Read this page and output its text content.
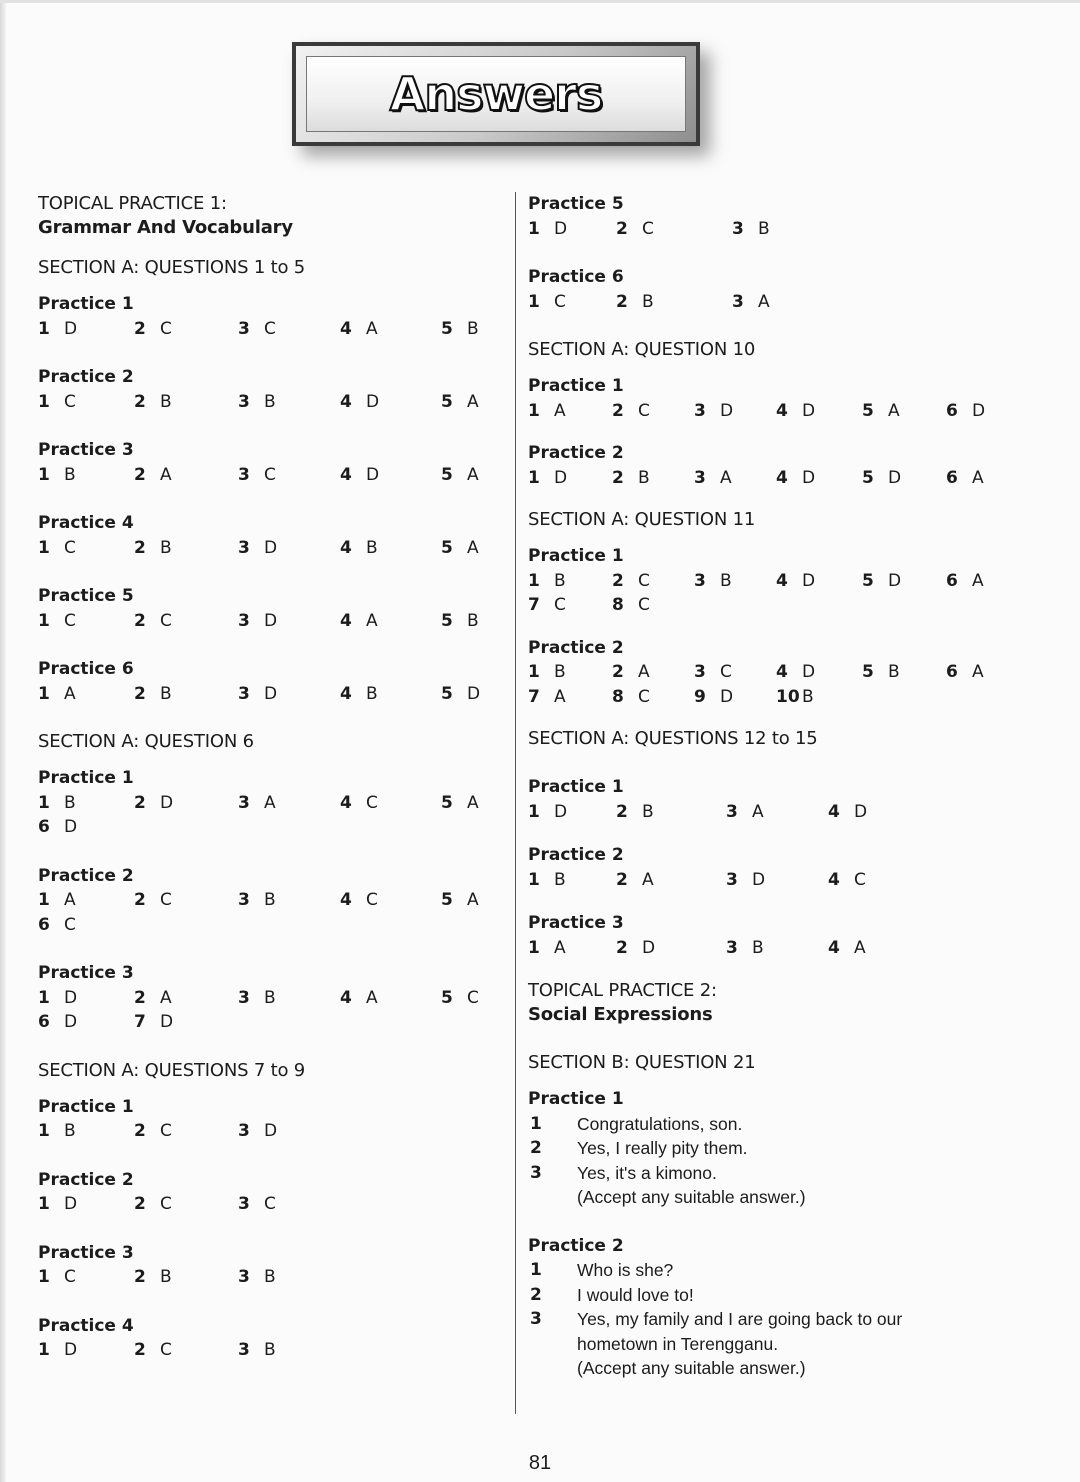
Answers
TOPICAL PRACTICE 1:
Grammar And Vocabulary
SECTION A: QUESTIONS 1 to 5
Practice 1
1 D	2 C	3 C	4 A	5 B
Practice 2
1 C	2 B	3 B	4 D	5 A
Practice 3
1 B	2 A	3 C	4 D	5 A
Practice 4
1 C	2 B	3 D	4 B	5 A
Practice 5
1 C	2 C	3 D	4 A	5 B
Practice 6
1 A	2 B	3 D	4 B	5 D
SECTION A: QUESTION 6
Practice 1
1 B	2 D	3 A	4 C	5 A
6 D
Practice 2
1 A	2 C	3 B	4 C	5 A
6 C
Practice 3
1 D	2 A	3 B	4 A	5 C
6 D	7 D
SECTION A: QUESTIONS 7 to 9
Practice 1
1 B	2 C	3 D
Practice 2
1 D	2 C	3 C
Practice 3
1 C	2 B	3 B
Practice 4
1 D	2 C	3 B
Practice 5
1 D	2 C	3 B
Practice 6
1 C	2 B	3 A
SECTION A: QUESTION 10
Practice 1
1 A	2 C	3 D	4 D	5 A	6 D
Practice 2
1 D	2 B	3 A	4 D	5 D	6 A
SECTION A: QUESTION 11
Practice 1
1 B	2 C	3 B	4 D	5 D	6 A
7 C	8 C
Practice 2
1 B	2 A	3 C	4 D	5 B	6 A
7 A	8 C	9 D	10 B
SECTION A: QUESTIONS 12 to 15
Practice 1
1 D	2 B	3 A	4 D
Practice 2
1 B	2 A	3 D	4 C
Practice 3
1 A	2 D	3 B	4 A
TOPICAL PRACTICE 2:
Social Expressions
SECTION B: QUESTION 21
Practice 1
1 Congratulations, son.
2 Yes, I really pity them.
3 Yes, it's a kimono.
(Accept any suitable answer.)
Practice 2
1 Who is she?
2 I would love to!
3 Yes, my family and I are going back to our
hometown in Terengganu.
(Accept any suitable answer.)
81
